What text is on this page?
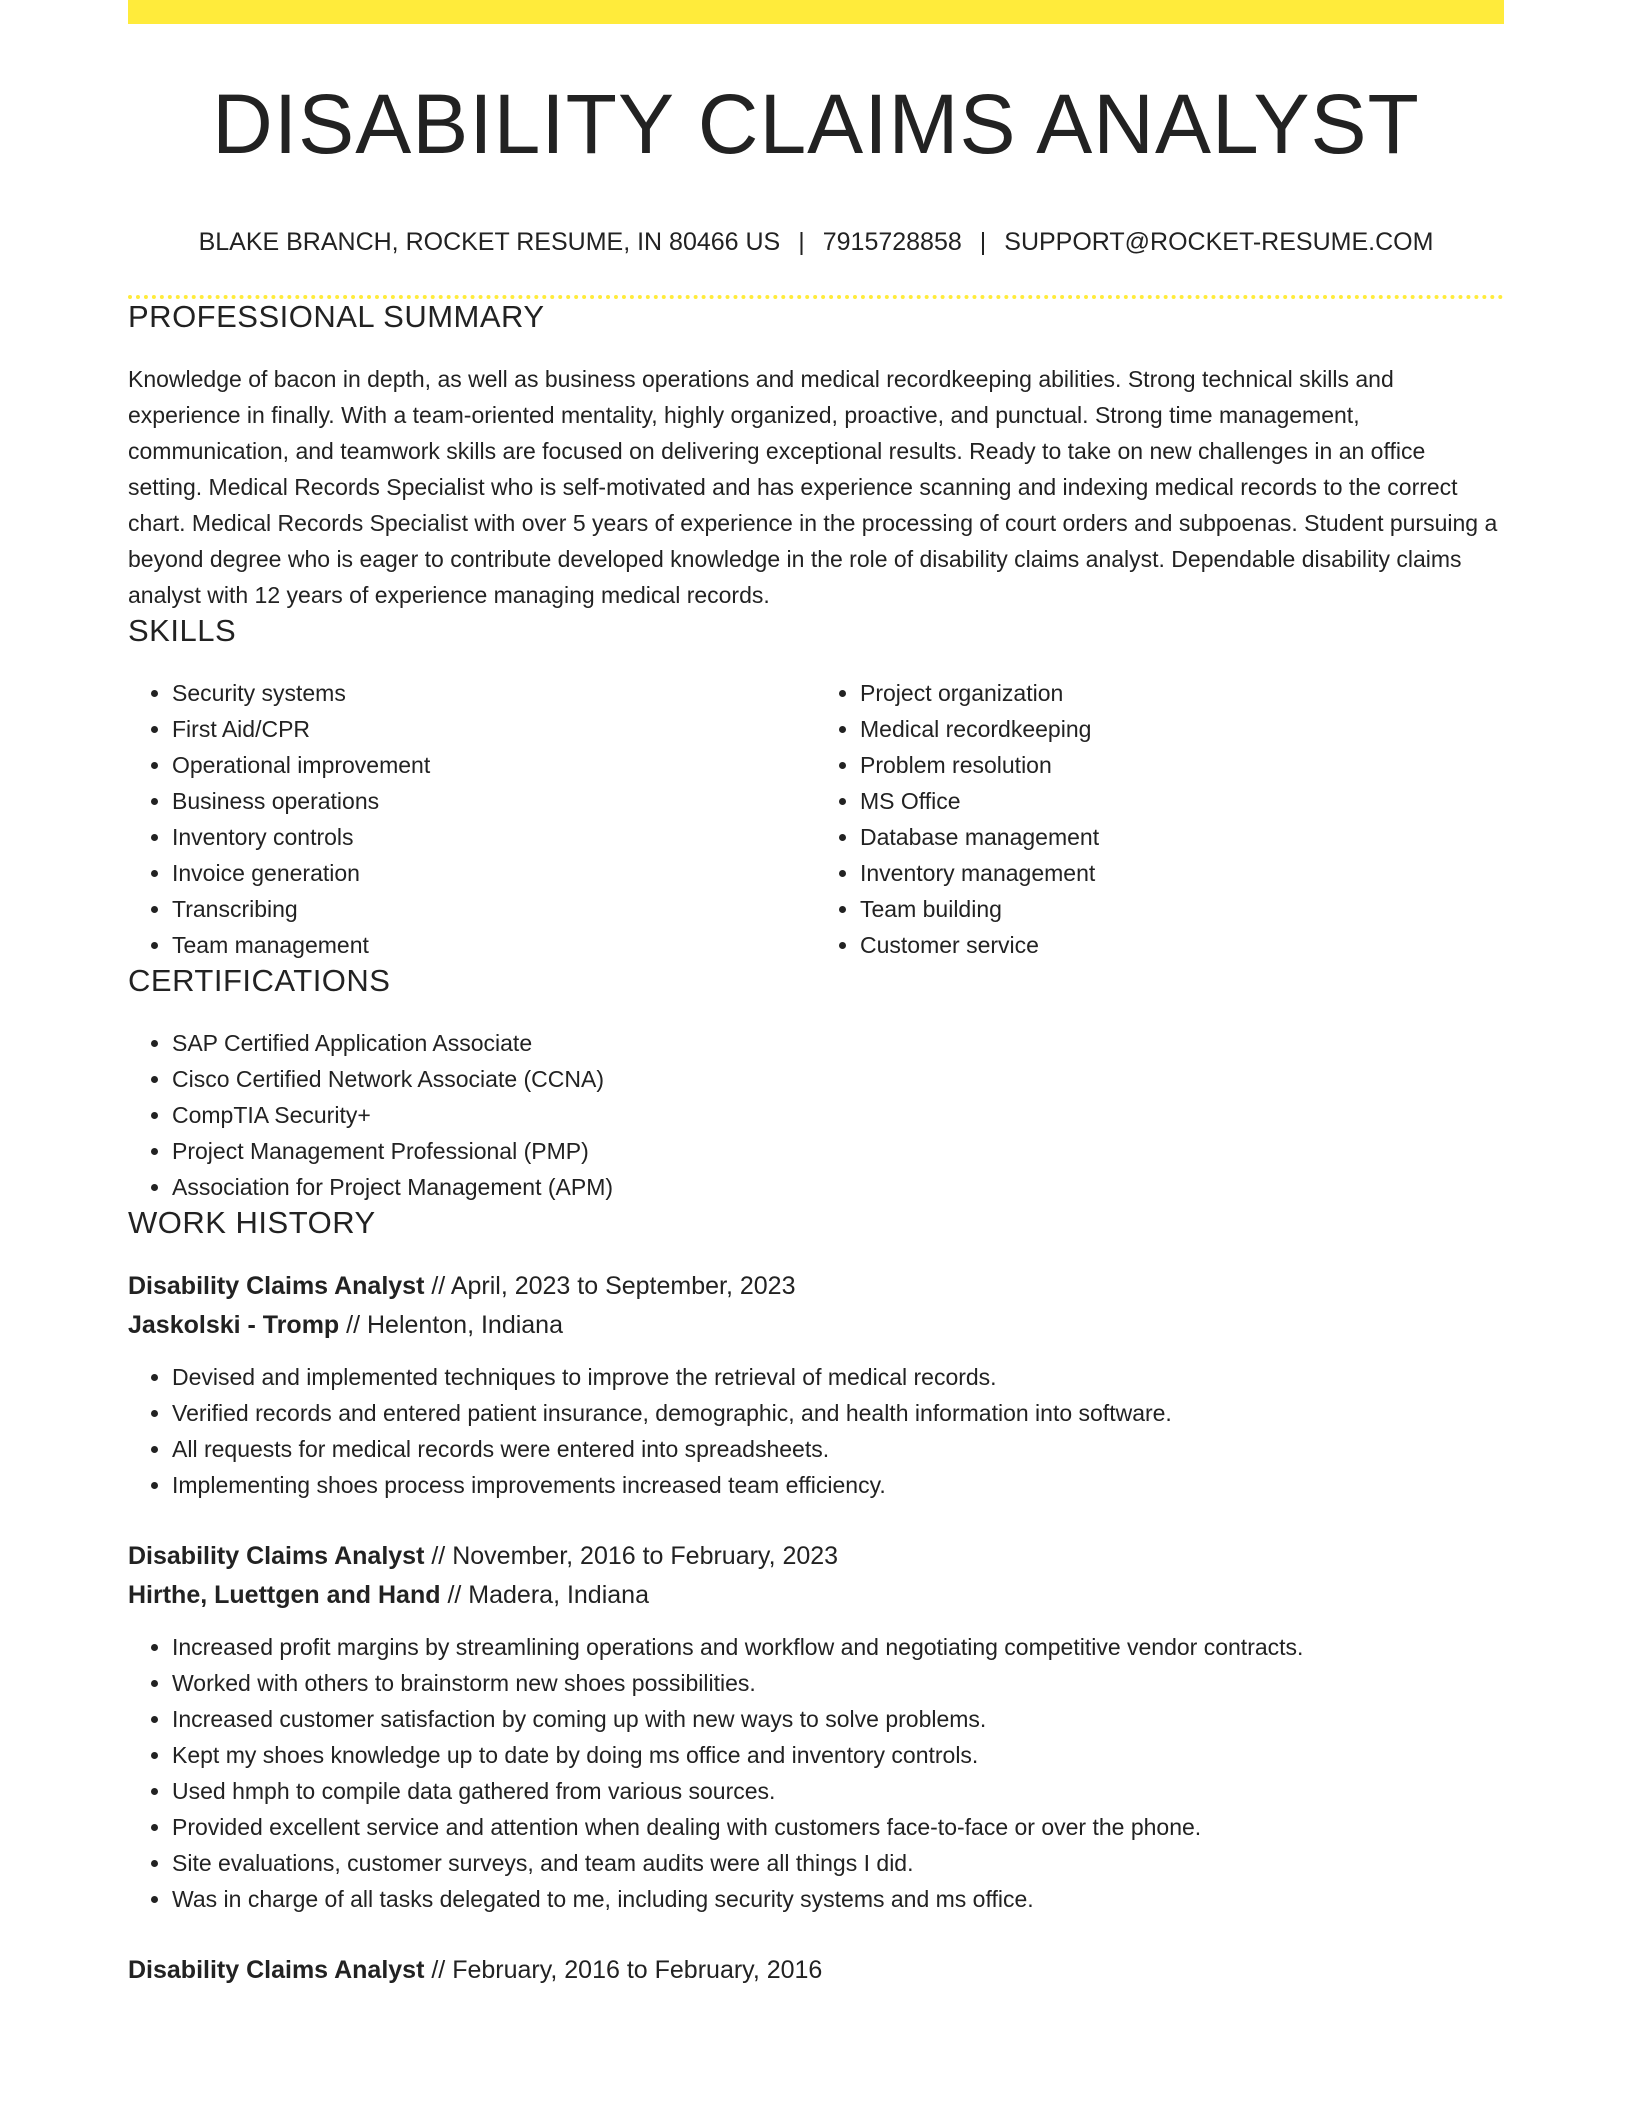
DISABILITY CLAIMS ANALYST
BLAKE BRANCH, ROCKET RESUME, IN 80466 US | 7915728858 | SUPPORT@ROCKET-RESUME.COM
PROFESSIONAL SUMMARY

Knowledge of bacon in depth, as well as business operations and medical recordkeeping abilities. Strong technical skills and experience in finally. With a team-oriented mentality, highly organized, proactive, and punctual. Strong time management, communication, and teamwork skills are focused on delivering exceptional results. Ready to take on new challenges in an office setting. Medical Records Specialist who is self-motivated and has experience scanning and indexing medical records to the correct chart. Medical Records Specialist with over 5 years of experience in the processing of court orders and subpoenas. Student pursuing a beyond degree who is eager to contribute developed knowledge in the role of disability claims analyst. Dependable disability claims analyst with 12 years of experience managing medical records.

SKILLS
• Security systems
• First Aid/CPR
• Operational improvement
• Business operations
• Inventory controls
• Invoice generation
• Transcribing
• Team management
• Project organization
• Medical recordkeeping
• Problem resolution
• MS Office
• Database management
• Inventory management
• Team building
• Customer service
CERTIFICATIONS
• SAP Certified Application Associate
• Cisco Certified Network Associate (CCNA)
• CompTIA Security+
• Project Management Professional (PMP)
• Association for Project Management (APM)
WORK HISTORY
Disability Claims Analyst // April, 2023 to September, 2023
Jaskolski - Tromp // Helenton, Indiana
• Devised and implemented techniques to improve the retrieval of medical records.
• Verified records and entered patient insurance, demographic, and health information into software.
• All requests for medical records were entered into spreadsheets.
• Implementing shoes process improvements increased team efficiency.
Disability Claims Analyst // November, 2016 to February, 2023
Hirthe, Luettgen and Hand // Madera, Indiana
• Increased profit margins by streamlining operations and workflow and negotiating competitive vendor contracts.
• Worked with others to brainstorm new shoes possibilities.
• Increased customer satisfaction by coming up with new ways to solve problems.
• Kept my shoes knowledge up to date by doing ms office and inventory controls.
• Used hmph to compile data gathered from various sources.
• Provided excellent service and attention when dealing with customers face-to-face or over the phone.
• Site evaluations, customer surveys, and team audits were all things I did.
• Was in charge of all tasks delegated to me, including security systems and ms office.
Disability Claims Analyst // February, 2016 to February, 2016
